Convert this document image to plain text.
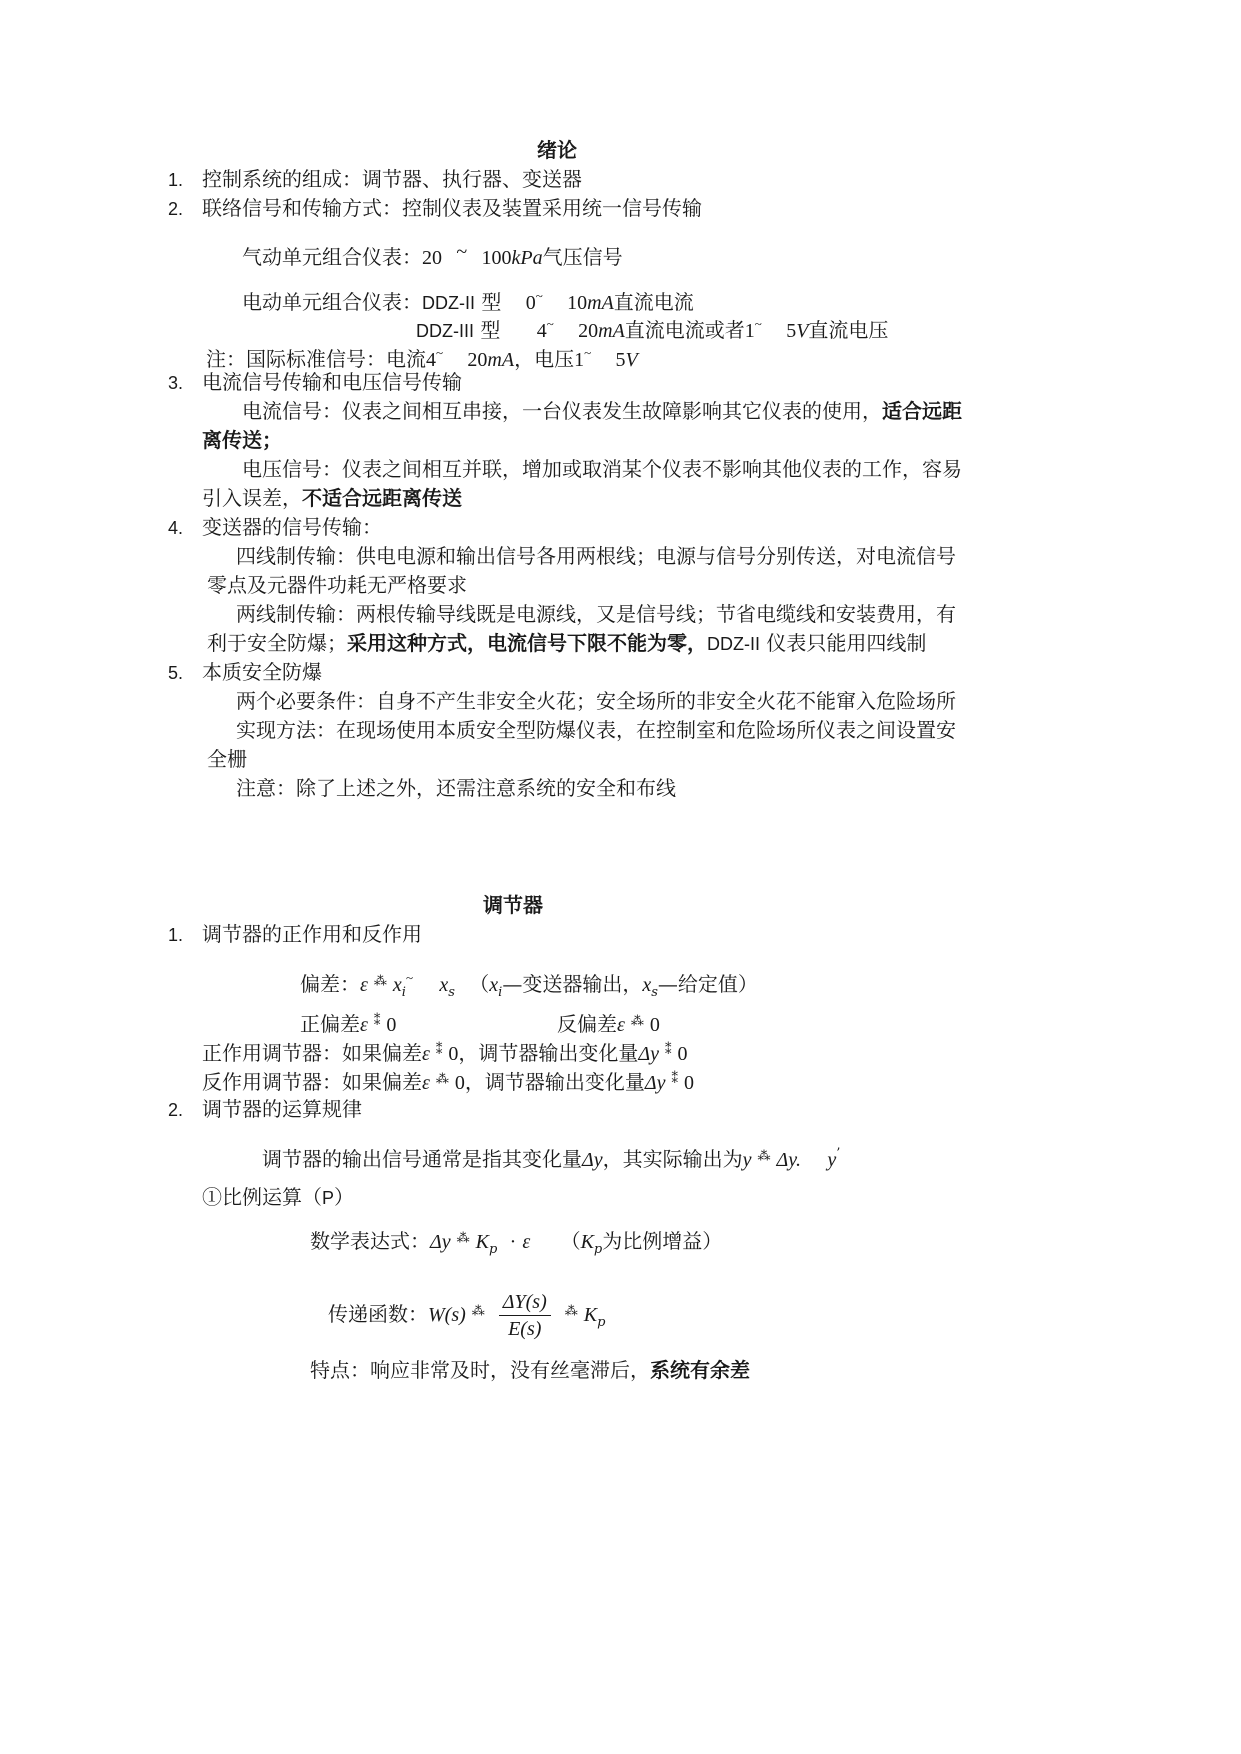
绪论
1. 控制系统的组成：调节器、执行器、变送器
2. 联络信号和传输方式：控制仪表及装置采用统一信号传输
气动单元组合仪表：20 ~ 100kPa气压信号
电动单元组合仪表：DDZ-II 型 0~ 10mA直流电流
DDZ-III 型 4~ 20mA直流电流或者1~ 5V直流电压
注：国际标准信号：电流4~ 20mA，电压1~ 5V
3. 电流信号传输和电压信号传输
电流信号：仪表之间相互串接，一台仪表发生故障影响其它仪表的使用，适合远距
离传送；
电压信号：仪表之间相互并联，增加或取消某个仪表不影响其他仪表的工作，容易
引入误差，不适合远距离传送
4. 变送器的信号传输：
四线制传输：供电电源和输出信号各用两根线；电源与信号分别传送，对电流信号
零点及元器件功耗无严格要求
两线制传输：两根传输导线既是电源线，又是信号线；节省电缆线和安装费用，有
利于安全防爆；采用这种方式，电流信号下限不能为零，DDZ-II 仪表只能用四线制
5. 本质安全防爆
两个必要条件：自身不产生非安全火花；安全场所的非安全火花不能窜入危险场所
实现方法：在现场使用本质安全型防爆仪表，在控制室和危险场所仪表之间设置安
全栅
注意：除了上述之外，还需注意系统的安全和布线
调节器
1. 调节器的正作用和反作用
偏差：ε ⁂ $x_i^\sim$ $x_s$ （$x_i—$变送器输出，$x_s—$给定值）
正偏差ε ⁑ 0	反偏差ε ⁂ 0
正作用调节器：如果偏差ε ⁑ 0，调节器输出变化量Δy ⁑ 0
反作用调节器：如果偏差ε ⁂ 0，调节器输出变化量Δy ⁑ 0
2. 调节器的运算规律
调节器的输出信号通常是指其变化量Δy，其实际输出为y ⁂ Δy. y’
①比例运算（P）
数学表达式：Δy ⁂ $K_p \cdot \varepsilon$ （$K_p$为比例增益）
传递函数：W(s) $^⁂ \frac{\Delta Y(s)}{E(s)} ^⁂$ $K_p$
特点：响应非常及时，没有丝毫滞后，系统有余差
